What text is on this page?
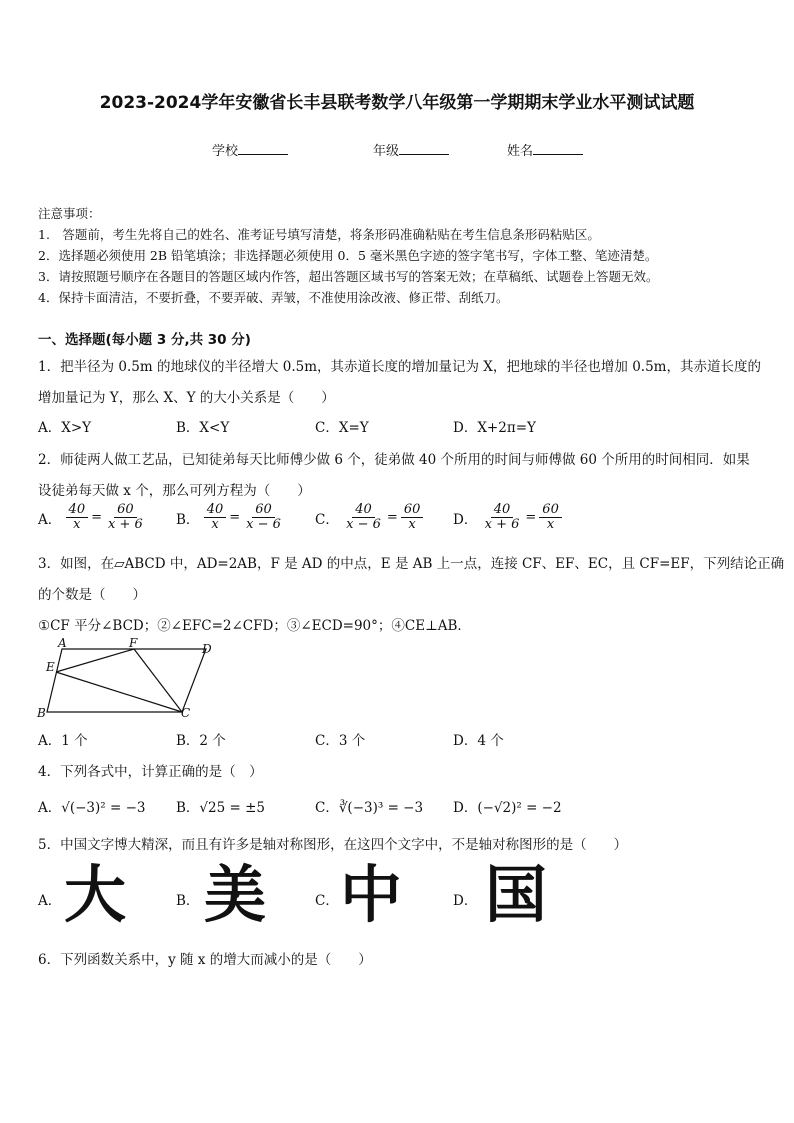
2023-2024学年安徽省长丰县联考数学八年级第一学期期末学业水平测试试题
学校	年级	姓名
注意事项：
1.　答题前，考生先将自己的姓名、准考证号填写清楚，将条形码准确粘贴在考生信息条形码粘贴区。
2．选择题必须使用 2B 铅笔填涂；非选择题必须使用 0．5 毫米黑色字迹的签字笔书写，字体工整、笔迹清楚。
3．请按照题号顺序在各题目的答题区域内作答，超出答题区域书写的答案无效；在草稿纸、试题卷上答题无效。
4．保持卡面清洁，不要折叠，不要弄破、弄皱，不准使用涂改液、修正带、刮纸刀。
一、选择题(每小题 3 分,共 30 分)
1．把半径为 0.5m 的地球仪的半径增大 0.5m，其赤道长度的增加量记为 X，把地球的半径也增加 0.5m，其赤道长度的
增加量记为 Y，那么 X、Y 的大小关系是（　　）
A．X>Y	B．X<Y	C．X=Y	D．X+2π=Y
2．师徒两人做工艺品，已知徒弟每天比师傅少做 6 个，徒弟做 40 个所用的时间与师傅做 60 个所用的时间相同．如果
设徒弟每天做 x 个，那么可列方程为（　　）
A． $\frac{40}{x} = \frac{60}{x + 6}$ B． $\frac{40}{x} = \frac{60}{x - 6}$ C． $\frac{40}{x - 6} = \frac{60}{x}$ D． $\frac{40}{x + 6} = \frac{60}{x}$
3．如图，在▱ABCD 中，AD=2AB，F 是 AD 的中点，E 是 AB 上一点，连接 CF、EF、EC，且 CF=EF，下列结论正确
的个数是（　　）
①CF 平分∠BCD；②∠EFC=2∠CFD；③∠ECD=90°；④CE⊥AB．
A	F	D
E
B	C
A．1 个	B．2 个	C．3 个	D．4 个
4．下列各式中，计算正确的是（　）
A．√(−3)² = −3 B．√25 = ±5	C．∛(−3)³ = −3 D．(−√2)² = −2
5．中国文字博大精深，而且有许多是轴对称图形，在这四个文字中，不是轴对称图形的是（　　）
A． 大	B． 美	C． 中	D． 国
6．下列函数关系中，y 随 x 的增大而减小的是（　　）
